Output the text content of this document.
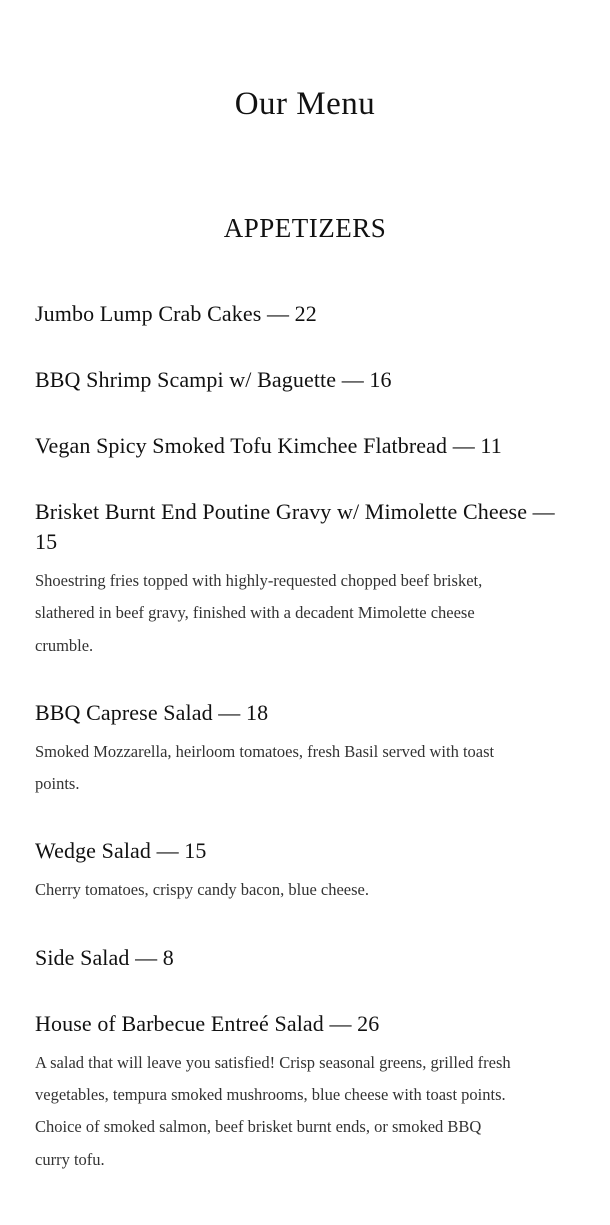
Our Menu
APPETIZERS
Jumbo Lump Crab Cakes — 22
BBQ Shrimp Scampi w/ Baguette — 16
Vegan Spicy Smoked Tofu Kimchee Flatbread — 11
Brisket Burnt End Poutine Gravy w/ Mimolette Cheese — 15

Shoestring fries topped with highly-requested chopped beef brisket, slathered in beef gravy, finished with a decadent Mimolette cheese crumble.

BBQ Caprese Salad — 18

Smoked Mozzarella, heirloom tomatoes, fresh Basil served with toast points.

Wedge Salad — 15

Cherry tomatoes, crispy candy bacon, blue cheese.

Side Salad — 8
House of Barbecue Entreé Salad — 26

A salad that will leave you satisfied! Crisp seasonal greens, grilled fresh vegetables, tempura smoked mushrooms, blue cheese with toast points. Choice of smoked salmon, beef brisket burnt ends, or smoked BBQ curry tofu.
